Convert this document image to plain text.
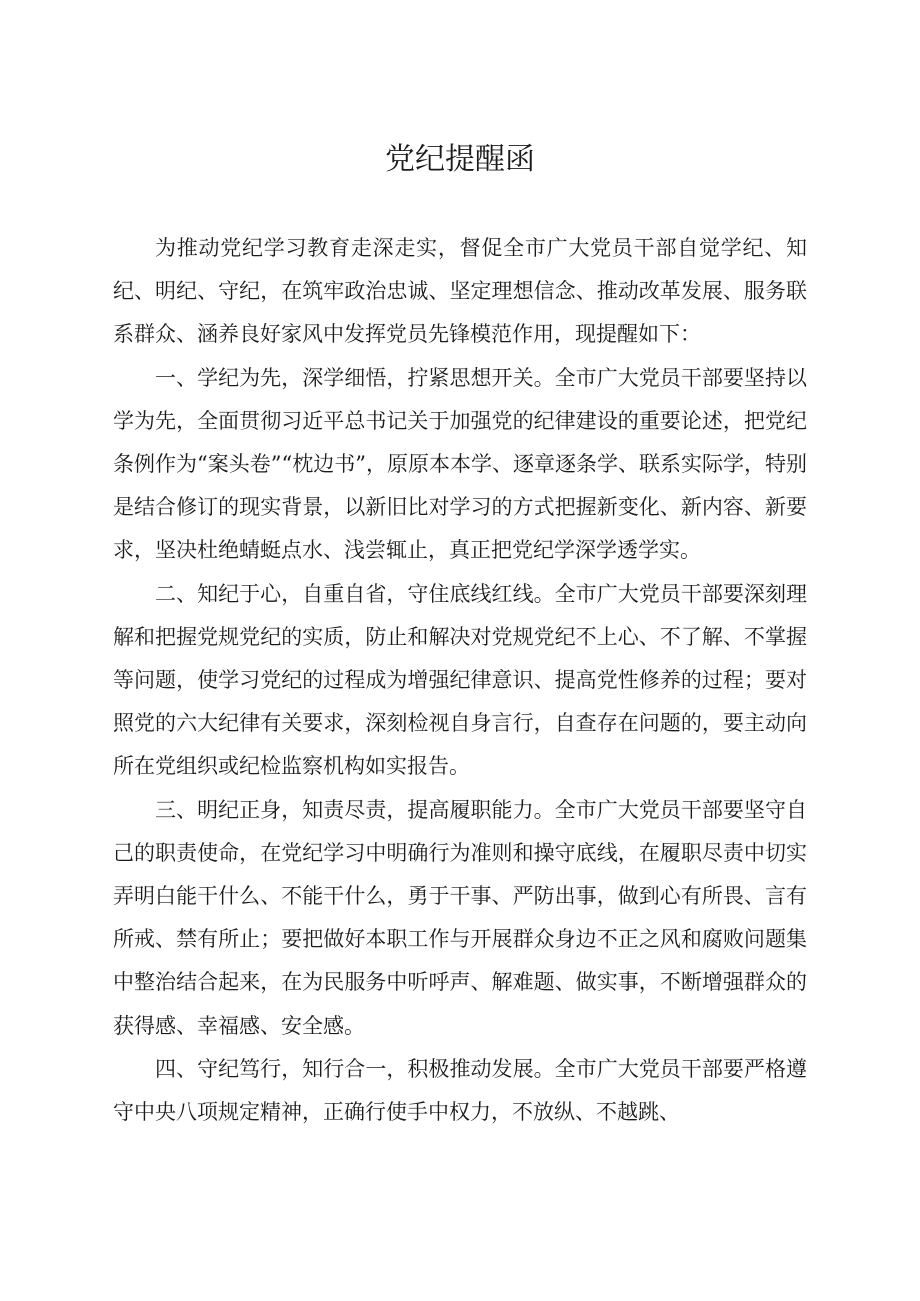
党纪提醒函

为推动党纪学习教育走深走实，督促全市广大党员干部自觉学纪、知纪、明纪、守纪，在筑牢政治忠诚、坚定理想信念、推动改革发展、服务联系群众、涵养良好家风中发挥党员先锋模范作用，现提醒如下：

一、学纪为先，深学细悟，拧紧思想开关。全市广大党员干部要坚持以学为先，全面贯彻习近平总书记关于加强党的纪律建设的重要论述，把党纪条例作为“案头卷”“枕边书”，原原本本学、逐章逐条学、联系实际学，特别是结合修订的现实背景，以新旧比对学习的方式把握新变化、新内容、新要求，坚决杜绝蜻蜓点水、浅尝辄止，真正把党纪学深学透学实。

二、知纪于心，自重自省，守住底线红线。全市广大党员干部要深刻理解和把握党规党纪的实质，防止和解决对党规党纪不上心、不了解、不掌握等问题，使学习党纪的过程成为增强纪律意识、提高党性修养的过程；要对照党的六大纪律有关要求，深刻检视自身言行，自查存在问题的，要主动向所在党组织或纪检监察机构如实报告。

三、明纪正身，知责尽责，提高履职能力。全市广大党员干部要坚守自己的职责使命，在党纪学习中明确行为准则和操守底线，在履职尽责中切实弄明白能干什么、不能干什么，勇于干事、严防出事，做到心有所畏、言有所戒、禁有所止；要把做好本职工作与开展群众身边不正之风和腐败问题集中整治结合起来，在为民服务中听呼声、解难题、做实事，不断增强群众的获得感、幸福感、安全感。

四、守纪笃行，知行合一，积极推动发展。全市广大党员干部要严格遵守中央八项规定精神，正确行使手中权力，不放纵、不越跳、
